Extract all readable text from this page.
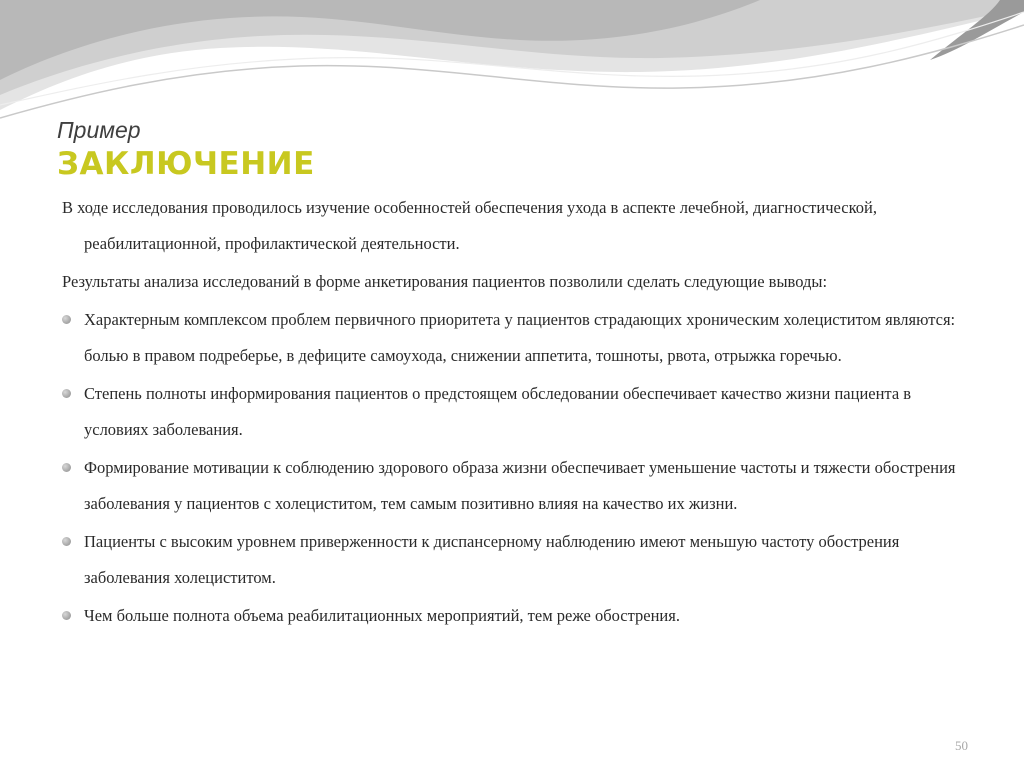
Пример
ЗАКЛЮЧЕНИЕ

В ходе исследования проводилось изучение особенностей обеспечения ухода в аспекте лечебной, диагностической, реабилитационной, профилактической деятельности.

Результаты анализа исследований в форме анкетирования пациентов позволили сделать следующие выводы:

Характерным комплексом проблем первичного приоритета у пациентов страдающих хроническим холециститом являются: болью в правом подреберье, в дефиците самоухода, снижении аппетита, тошноты, рвота, отрыжка горечью.
Степень полноты информирования пациентов о предстоящем обследовании обеспечивает качество жизни пациента в условиях заболевания.
Формирование мотивации к соблюдению здорового образа жизни обеспечивает уменьшение частоты и тяжести обострения заболевания у пациентов с холециститом, тем самым позитивно влияя на качество их жизни.
Пациенты с высоким уровнем приверженности к диспансерному наблюдению имеют меньшую частоту обострения заболевания холециститом.
Чем больше полнота объема реабилитационных мероприятий, тем реже обострения.
50
